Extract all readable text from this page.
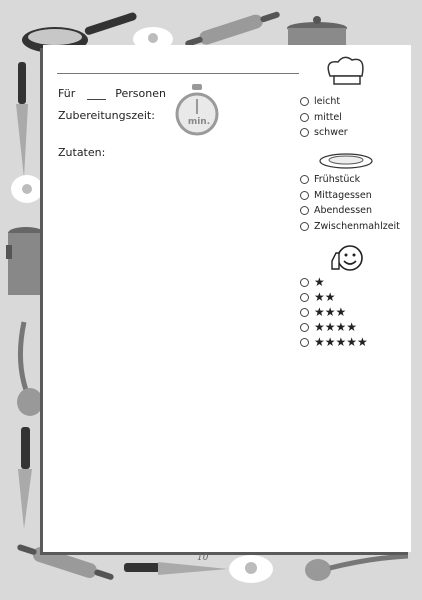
Für	Personen
Zubereitungszeit:
Zutaten:
min.
leicht
mittel
schwer
Frühstück
Mittagessen
Abendessen
Zwischenmahlzeit
★
★★
★★★
★★★★
★★★★★
10
